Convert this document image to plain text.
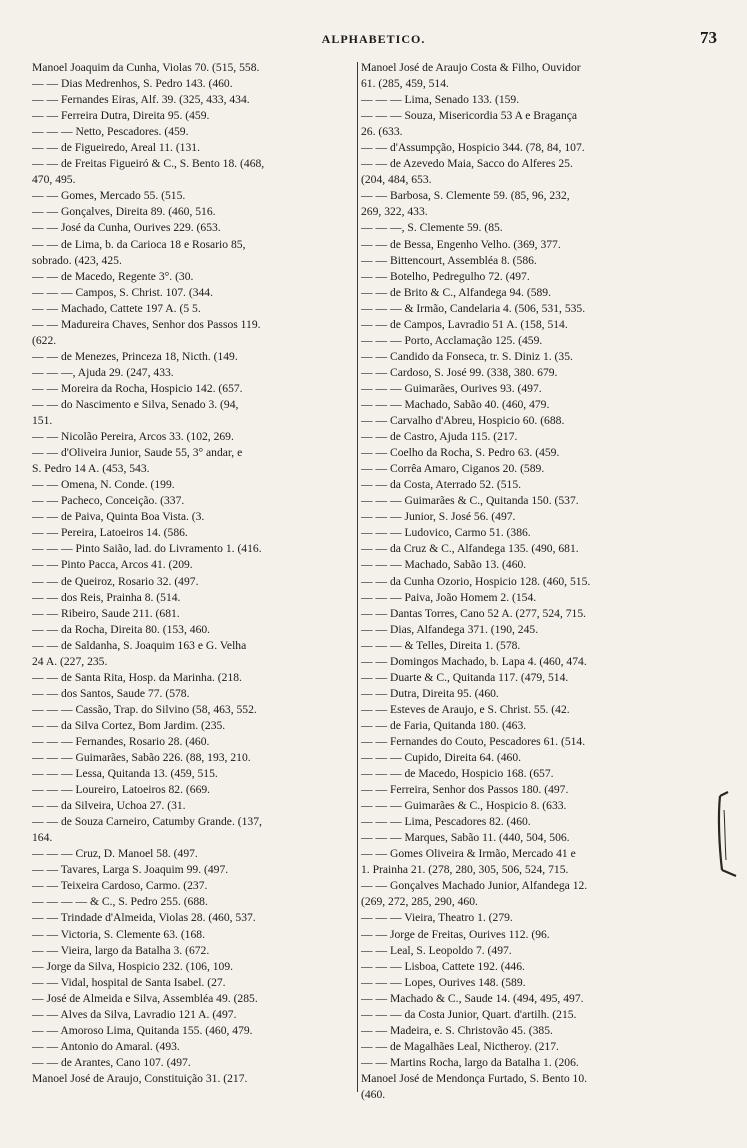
ALPHABETICO.	73
Manoel Joaquim da Cunha, Violas 70. (515, 558.
— — Dias Medrenhos, S. Pedro 143. (460.
— — Fernandes Eiras, Alf. 39. (325, 433, 434.
— — Ferreira Dutra, Direita 95. (459.
— — — Netto, Pescadores. (459.
— — de Figueiredo, Areal 11. (131.
— — de Freitas Figueiró & C., S. Bento 18. (468,
470, 495.
— — Gomes, Mercado 55. (515.
— — Gonçalves, Direita 89. (460, 516.
— — José da Cunha, Ourives 229. (653.
— — de Lima, b. da Carioca 18 e Rosario 85,
sobrado. (423, 425.
— — de Macedo, Regente 3°. (30.
— — — Campos, S. Christ. 107. (344.
— — Machado, Cattete 197 A. (5 5.
— — Madureira Chaves, Senhor dos Passos 119.
(622.
— — de Menezes, Princeza 18, Nicth. (149.
— — —, Ajuda 29. (247, 433.
— — Moreira da Rocha, Hospicio 142. (657.
— — do Nascimento e Silva, Senado 3. (94,
151.
— — Nicolão Pereira, Arcos 33. (102, 269.
— — d'Oliveira Junior, Saude 55, 3° andar, e
S. Pedro 14 A. (453, 543.
— — Omena, N. Conde. (199.
— — Pacheco, Conceição. (337.
— — de Paiva, Quinta Boa Vista. (3.
— — Pereira, Latoeiros 14. (586.
— — — Pinto Saião, lad. do Livramento 1. (416.
— — Pinto Pacca, Arcos 41. (209.
— — de Queiroz, Rosario 32. (497.
— — dos Reis, Prainha 8. (514.
— — Ribeiro, Saude 211. (681.
— — da Rocha, Direita 80. (153, 460.
— — de Saldanha, S. Joaquim 163 e G. Velha
24 A. (227, 235.
— — de Santa Rita, Hosp. da Marinha. (218.
— — dos Santos, Saude 77. (578.
— — — Cassão, Trap. do Silvino (58, 463, 552.
— — da Silva Cortez, Bom Jardim. (235.
— — — Fernandes, Rosario 28. (460.
— — — Guimarães, Sabão 226. (88, 193, 210.
— — — Lessa, Quitanda 13. (459, 515.
— — — Loureiro, Latoeiros 82. (669.
— — da Silveira, Uchoa 27. (31.
— — de Souza Carneiro, Catumby Grande. (137,
164.
— — — Cruz, D. Manoel 58. (497.
— — Tavares, Larga S. Joaquim 99. (497.
— — Teixeira Cardoso, Carmo. (237.
— — — — & C., S. Pedro 255. (688.
— — Trindade d'Almeida, Violas 28. (460, 537.
— — Victoria, S. Clemente 63. (168.
— — Vieira, largo da Batalha 3. (672.
— Jorge da Silva, Hospicio 232. (106, 109.
— — Vidal, hospital de Santa Isabel. (27.
— José de Almeida e Silva, Assembléa 49. (285.
— — Alves da Silva, Lavradio 121 A. (497.
— — Amoroso Lima, Quitanda 155. (460, 479.
— — Antonio do Amaral. (493.
— — de Arantes, Cano 107. (497.
Manoel José de Araujo, Constituição 31. (217.
Manoel José de Araujo Costa & Filho, Ouvidor
61. (285, 459, 514.
— — — Lima, Senado 133. (159.
— — — Souza, Misericordia 53 A e Bragança
26. (633.
— — d'Assumpção, Hospicio 344. (78, 84, 107.
— — de Azevedo Maia, Sacco do Alferes 25.
(204, 484, 653.
— — Barbosa, S. Clemente 59. (85, 96, 232,
269, 322, 433.
— — —, S. Clemente 59. (85.
— — de Bessa, Engenho Velho. (369, 377.
— — Bittencourt, Assembléa 8. (586.
— — Botelho, Pedregulho 72. (497.
— — de Brito & C., Alfandega 94. (589.
— — — & Irmão, Candelaria 4. (506, 531, 535.
— — de Campos, Lavradio 51 A. (158, 514.
— — — Porto, Acclamação 125. (459.
— — Candido da Fonseca, tr. S. Diniz 1. (35.
— — Cardoso, S. José 99. (338, 380. 679.
— — — Guimarães, Ourives 93. (497.
— — — Machado, Sabão 40. (460, 479.
— — Carvalho d'Abreu, Hospicio 60. (688.
— — de Castro, Ajuda 115. (217.
— — Coelho da Rocha, S. Pedro 63. (459.
— — Corrêa Amaro, Ciganos 20. (589.
— — da Costa, Aterrado 52. (515.
— — — Guimarães & C., Quitanda 150. (537.
— — — Junior, S. José 56. (497.
— — — Ludovico, Carmo 51. (386.
— — da Cruz & C., Alfandega 135. (490, 681.
— — — Machado, Sabão 13. (460.
— — da Cunha Ozorio, Hospicio 128. (460, 515.
— — — Paiva, João Homem 2. (154.
— — Dantas Torres, Cano 52 A. (277, 524, 715.
— — Dias, Alfandega 371. (190, 245.
— — — & Telles, Direita 1. (578.
— — Domingos Machado, b. Lapa 4. (460, 474.
— — Duarte & C., Quitanda 117. (479, 514.
— — Dutra, Direita 95. (460.
— — Esteves de Araujo, e S. Christ. 55. (42.
— — de Faria, Quitanda 180. (463.
— — Fernandes do Couto, Pescadores 61. (514.
— — — Cupido, Direita 64. (460.
— — — de Macedo, Hospicio 168. (657.
— — Ferreira, Senhor dos Passos 180. (497.
— — — Guimarães & C., Hospicio 8. (633.
— — — Lima, Pescadores 82. (460.
— — — Marques, Sabão 11. (440, 504, 506.
— — Gomes Oliveira & Irmão, Mercado 41 e
1. Prainha 21. (278, 280, 305, 506, 524, 715.
— — Gonçalves Machado Junior, Alfandega 12.
(269, 272, 285, 290, 460.
— — — Vieira, Theatro 1. (279.
— — Jorge de Freitas, Ourives 112. (96.
— — Leal, S. Leopoldo 7. (497.
— — — Lisboa, Cattete 192. (446.
— — — Lopes, Ourives 148. (589.
— — Machado & C., Saude 14. (494, 495, 497.
— — — da Costa Junior, Quart. d'artilh. (215.
— — Madeira, e. S. Christovão 45. (385.
— — de Magalhães Leal, Nictheroy. (217.
— — Martins Rocha, largo da Batalha 1. (206.
Manoel José de Mendonça Furtado, S. Bento 10.
(460.
